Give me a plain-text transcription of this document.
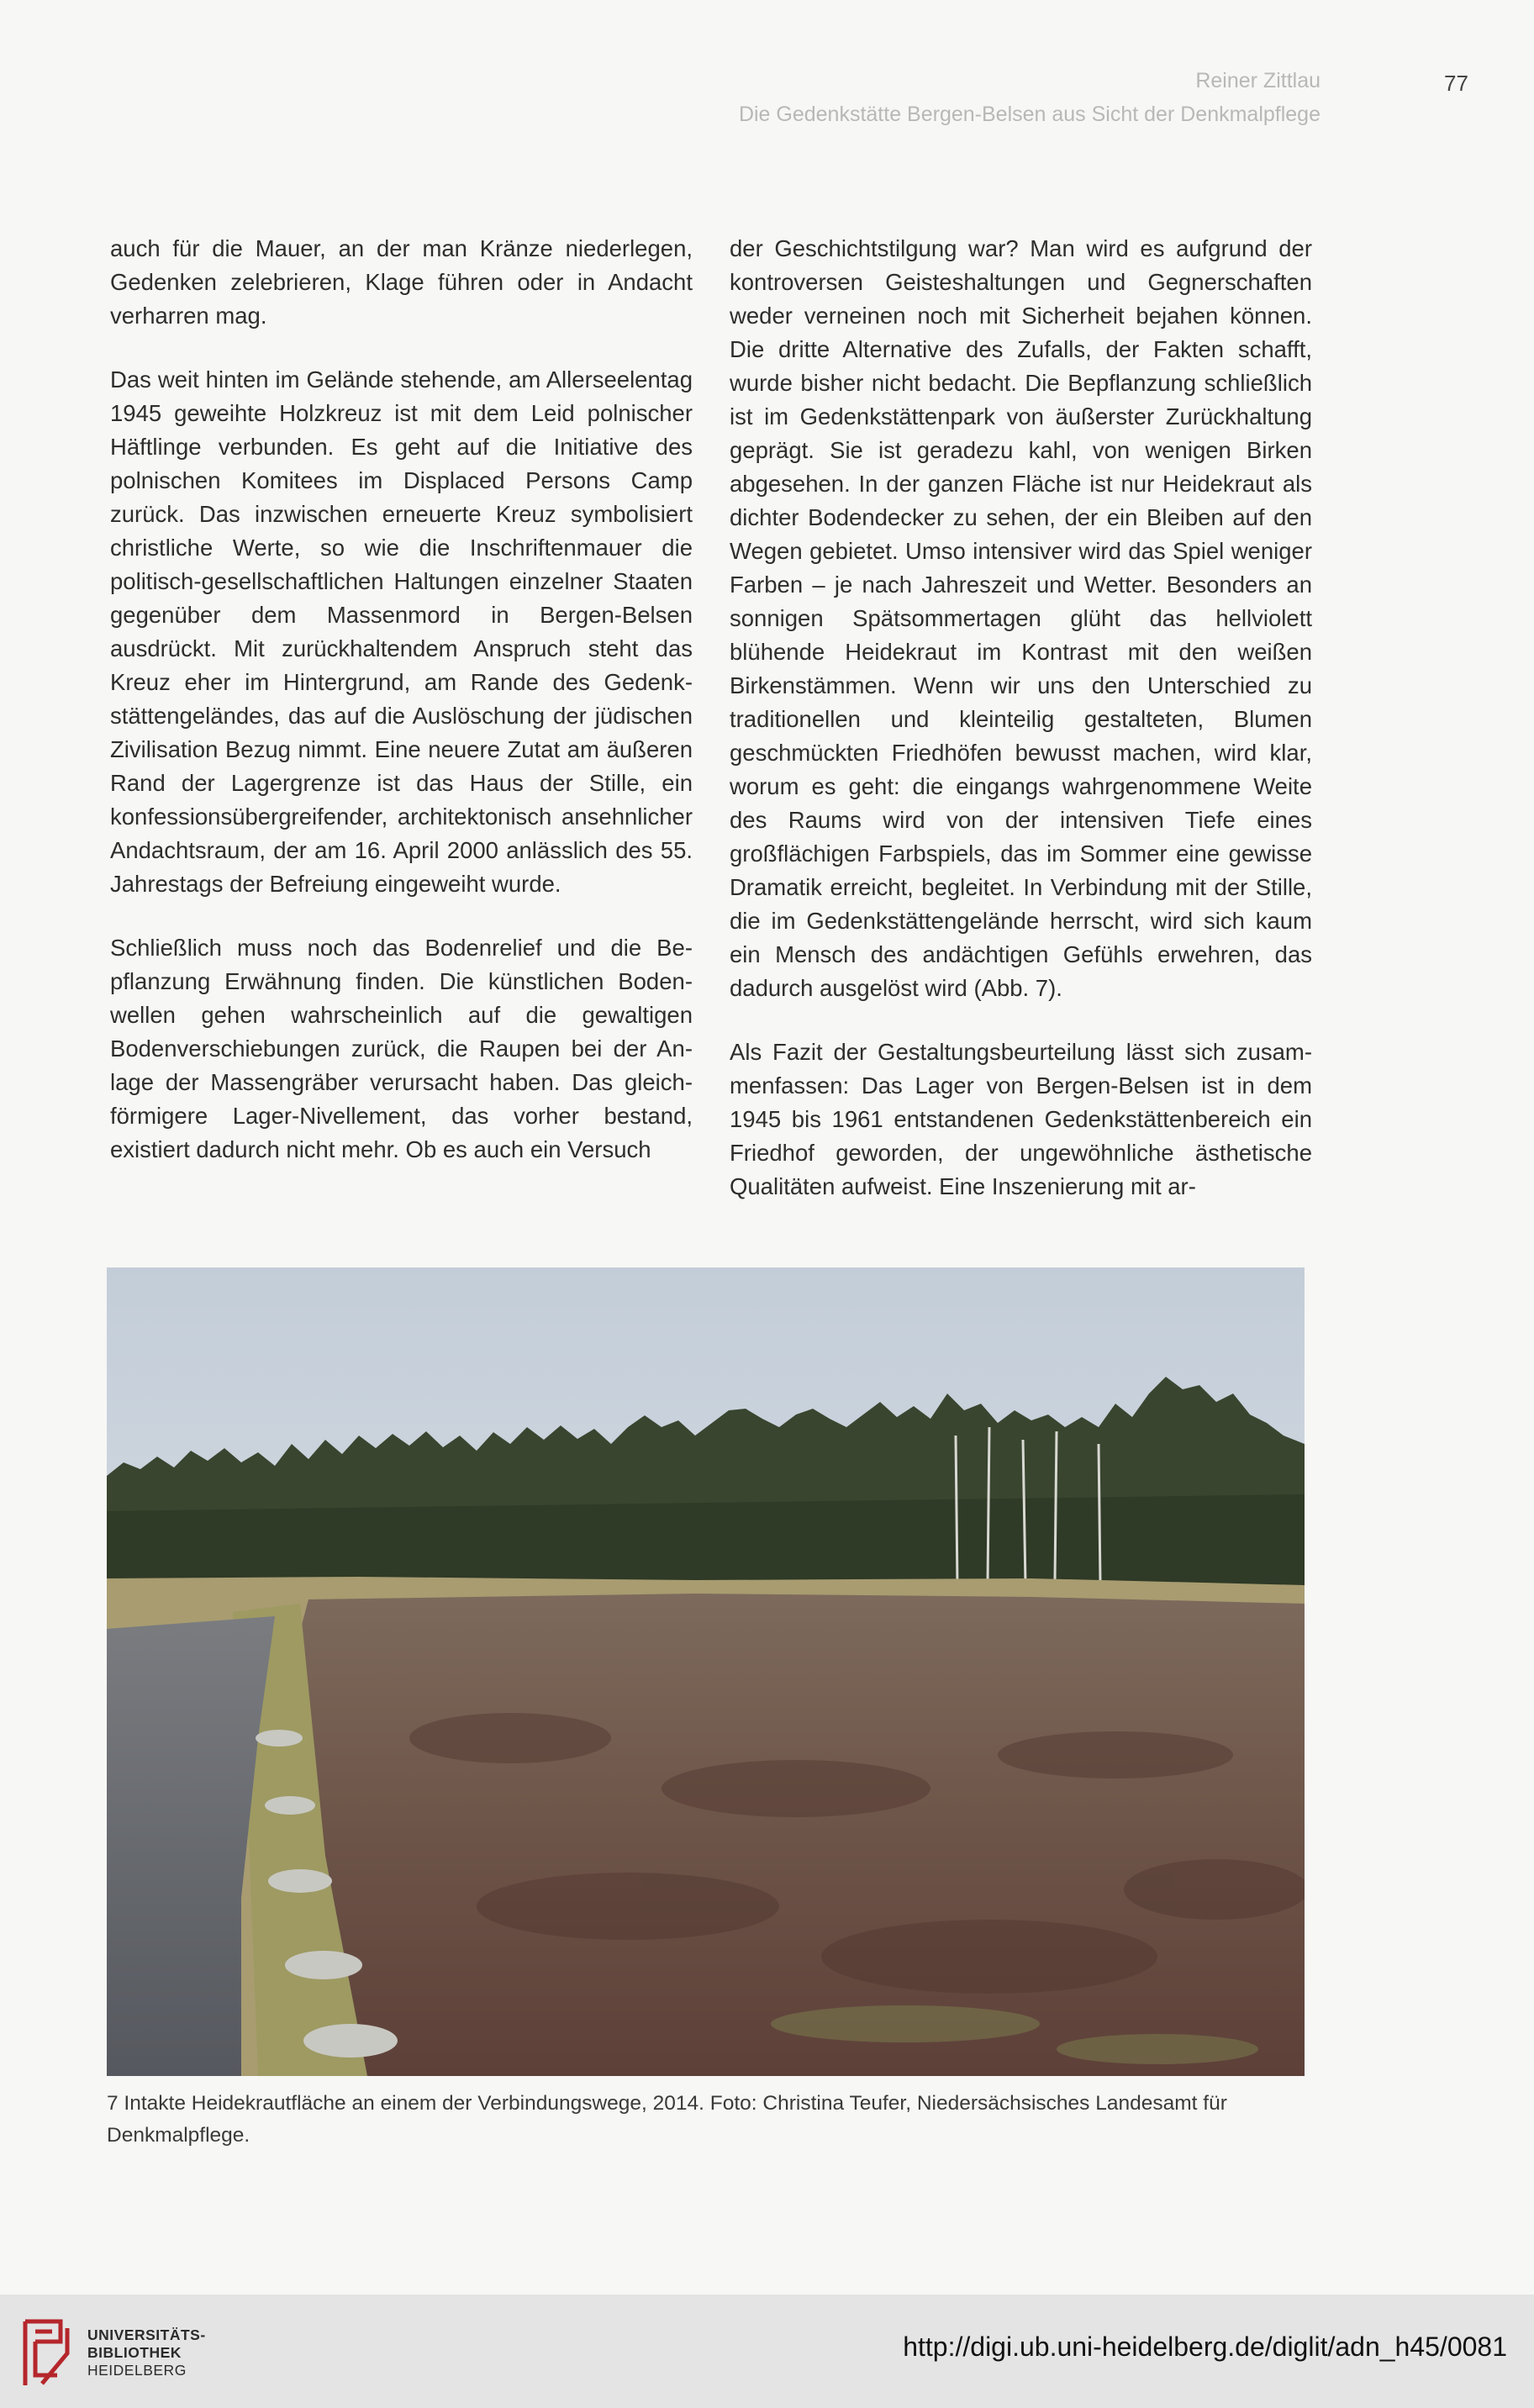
Reiner Zittlau
Die Gedenkstätte Bergen-Belsen aus Sicht der Denkmalpflege
77

auch für die Mauer, an der man Kränze niederlegen, Gedenken zelebrieren, Klage führen oder in Andacht verharren mag.

Das weit hinten im Gelände stehende, am Allerseelentag 1945 geweihte Holzkreuz ist mit dem Leid polnischer Häftlinge verbunden. Es geht auf die Initiative des polnischen Komitees im Displaced Persons Camp zurück. Das inzwischen erneuerte Kreuz symbolisiert christliche Werte, so wie die Inschriftenmauer die politisch-gesellschaftlichen Haltungen einzelner Staaten gegenüber dem Massenmord in Bergen-Belsen ausdrückt. Mit zurückhaltendem Anspruch steht das Kreuz eher im Hintergrund, am Rande des Gedenkstättengeländes, das auf die Auslöschung der jüdischen Zivilisation Bezug nimmt. Eine neuere Zutat am äußeren Rand der Lagergrenze ist das Haus der Stille, ein konfessionsübergreifender, architektonisch ansehnlicher Andachtsraum, der am 16. April 2000 anlässlich des 55. Jahrestags der Befreiung eingeweiht wurde.

Schließlich muss noch das Bodenrelief und die Bepflanzung Erwähnung finden. Die künstlichen Bodenwellen gehen wahrscheinlich auf die gewaltigen Bodenverschiebungen zurück, die Raupen bei der Anlage der Massengräber verursacht haben. Das gleichförmigere Lager-Nivellement, das vorher bestand, existiert dadurch nicht mehr. Ob es auch ein Versuch

der Geschichtstilgung war? Man wird es aufgrund der kontroversen Geisteshaltungen und Gegnerschaften weder verneinen noch mit Sicherheit bejahen können. Die dritte Alternative des Zufalls, der Fakten schafft, wurde bisher nicht bedacht. Die Bepflanzung schließlich ist im Gedenkstättenpark von äußerster Zurückhaltung geprägt. Sie ist geradezu kahl, von wenigen Birken abgesehen. In der ganzen Fläche ist nur Heidekraut als dichter Bodendecker zu sehen, der ein Bleiben auf den Wegen gebietet. Umso intensiver wird das Spiel weniger Farben – je nach Jahreszeit und Wetter. Besonders an sonnigen Spätsommertagen glüht das hellviolett blühende Heidekraut im Kontrast mit den weißen Birkenstämmen. Wenn wir uns den Unterschied zu traditionellen und kleinteilig gestalteten, Blumen geschmückten Friedhöfen bewusst machen, wird klar, worum es geht: die eingangs wahrgenommene Weite des Raums wird von der intensiven Tiefe eines großflächigen Farbspiels, das im Sommer eine gewisse Dramatik erreicht, begleitet. In Verbindung mit der Stille, die im Gedenkstättengelände herrscht, wird sich kaum ein Mensch des andächtigen Gefühls erwehren, das dadurch ausgelöst wird (Abb. 7).

Als Fazit der Gestaltungsbeurteilung lässt sich zusammenfassen: Das Lager von Bergen-Belsen ist in dem 1945 bis 1961 entstandenen Gedenkstättenbereich ein Friedhof geworden, der ungewöhnliche ästhetische Qualitäten aufweist. Eine Inszenierung mit ar-

7 Intakte Heidekrautfläche an einem der Verbindungswege, 2014. Foto: Christina Teufer, Niedersächsisches Landesamt für Denkmalpflege.
UNIVERSITÄTS-
BIBLIOTHEK
HEIDELBERG
http://digi.ub.uni-heidelberg.de/diglit/adn_h45/0081
